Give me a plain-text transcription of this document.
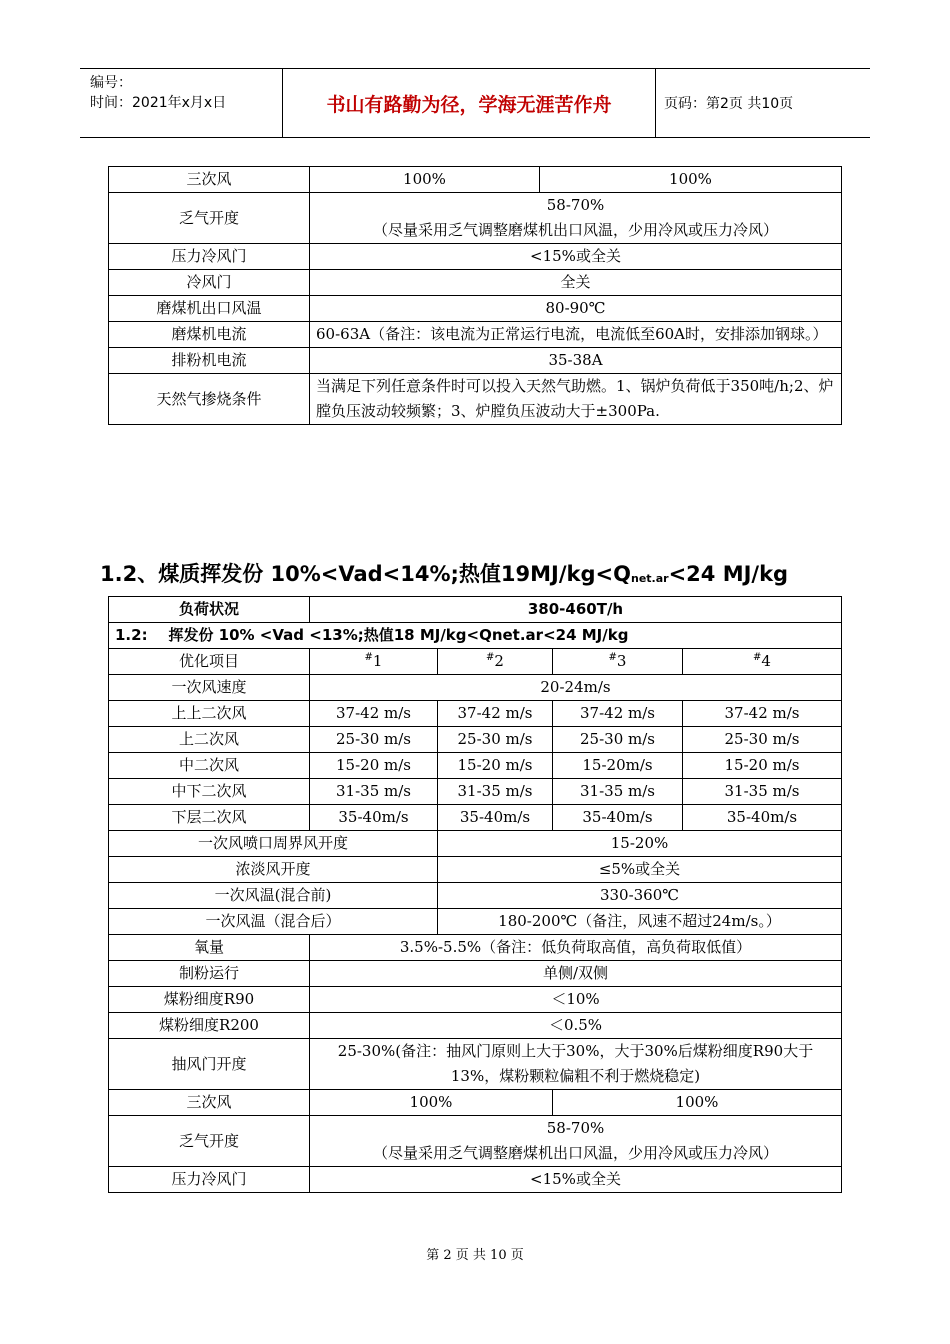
编号：
时间：2021年x月x日	书山有路勤为径，学海无涯苦作舟	页码：第2页 共10页
三次风	100%	100%
乏气开度	58-70%
（尽量采用乏气调整磨煤机出口风温，少用冷风或压力冷风）	
压力冷风门	<15%或全关	
冷风门	全关	
磨煤机出口风温	80-90℃	
磨煤机电流	60-63A（备注：该电流为正常运行电流，电流低至60A时，安排添加钢球。）	
排粉机电流	35-38A	
天然气掺烧条件	当满足下列任意条件时可以投入天然气助燃。1、锅炉负荷低于350吨/h;2、炉膛负压波动较频繁；3、炉膛负压波动大于±300Pa.	
1.2、煤质挥发份 10%<Vad<14%;热值$19MJ/kg<Q_{net.ar}<24$ MJ/kg
负荷状况	380-460T/h			
1.2:    挥发份 10% <Vad <13%;热值18 MJ/kg<Qnet.ar<24 MJ/kg				
优化项目	#1	#2	#3	#4
一次风速度	20-24m/s			
上上二次风	37-42 m/s	37-42 m/s	37-42 m/s	37-42 m/s
上二次风	25-30 m/s	25-30 m/s	25-30 m/s	25-30 m/s
中二次风	15-20 m/s	15-20 m/s	15-20m/s	15-20 m/s
中下二次风	31-35 m/s	31-35 m/s	31-35 m/s	31-35 m/s
下层二次风	35-40m/s	35-40m/s	35-40m/s	35-40m/s
一次风喷口周界风开度		15-20%		
浓淡风开度		≤5%或全关		
一次风温(混合前)		330-360℃		
一次风温（混合后）		180-200℃（备注，风速不超过24m/s。）		
氧量	3.5%-5.5%（备注：低负荷取高值，高负荷取低值）			
制粉运行	单侧/双侧			
煤粉细度R90	＜10%			
煤粉细度R200	＜0.5%			
抽风门开度	25-30%(备注：抽风门原则上大于30%，大于30%后煤粉细度R90大于13%，煤粉颗粒偏粗不利于燃烧稳定)			
三次风	100%		100%	
乏气开度	58-70%
（尽量采用乏气调整磨煤机出口风温，少用冷风或压力冷风）			
压力冷风门	<15%或全关			
第 2 页 共 10 页
